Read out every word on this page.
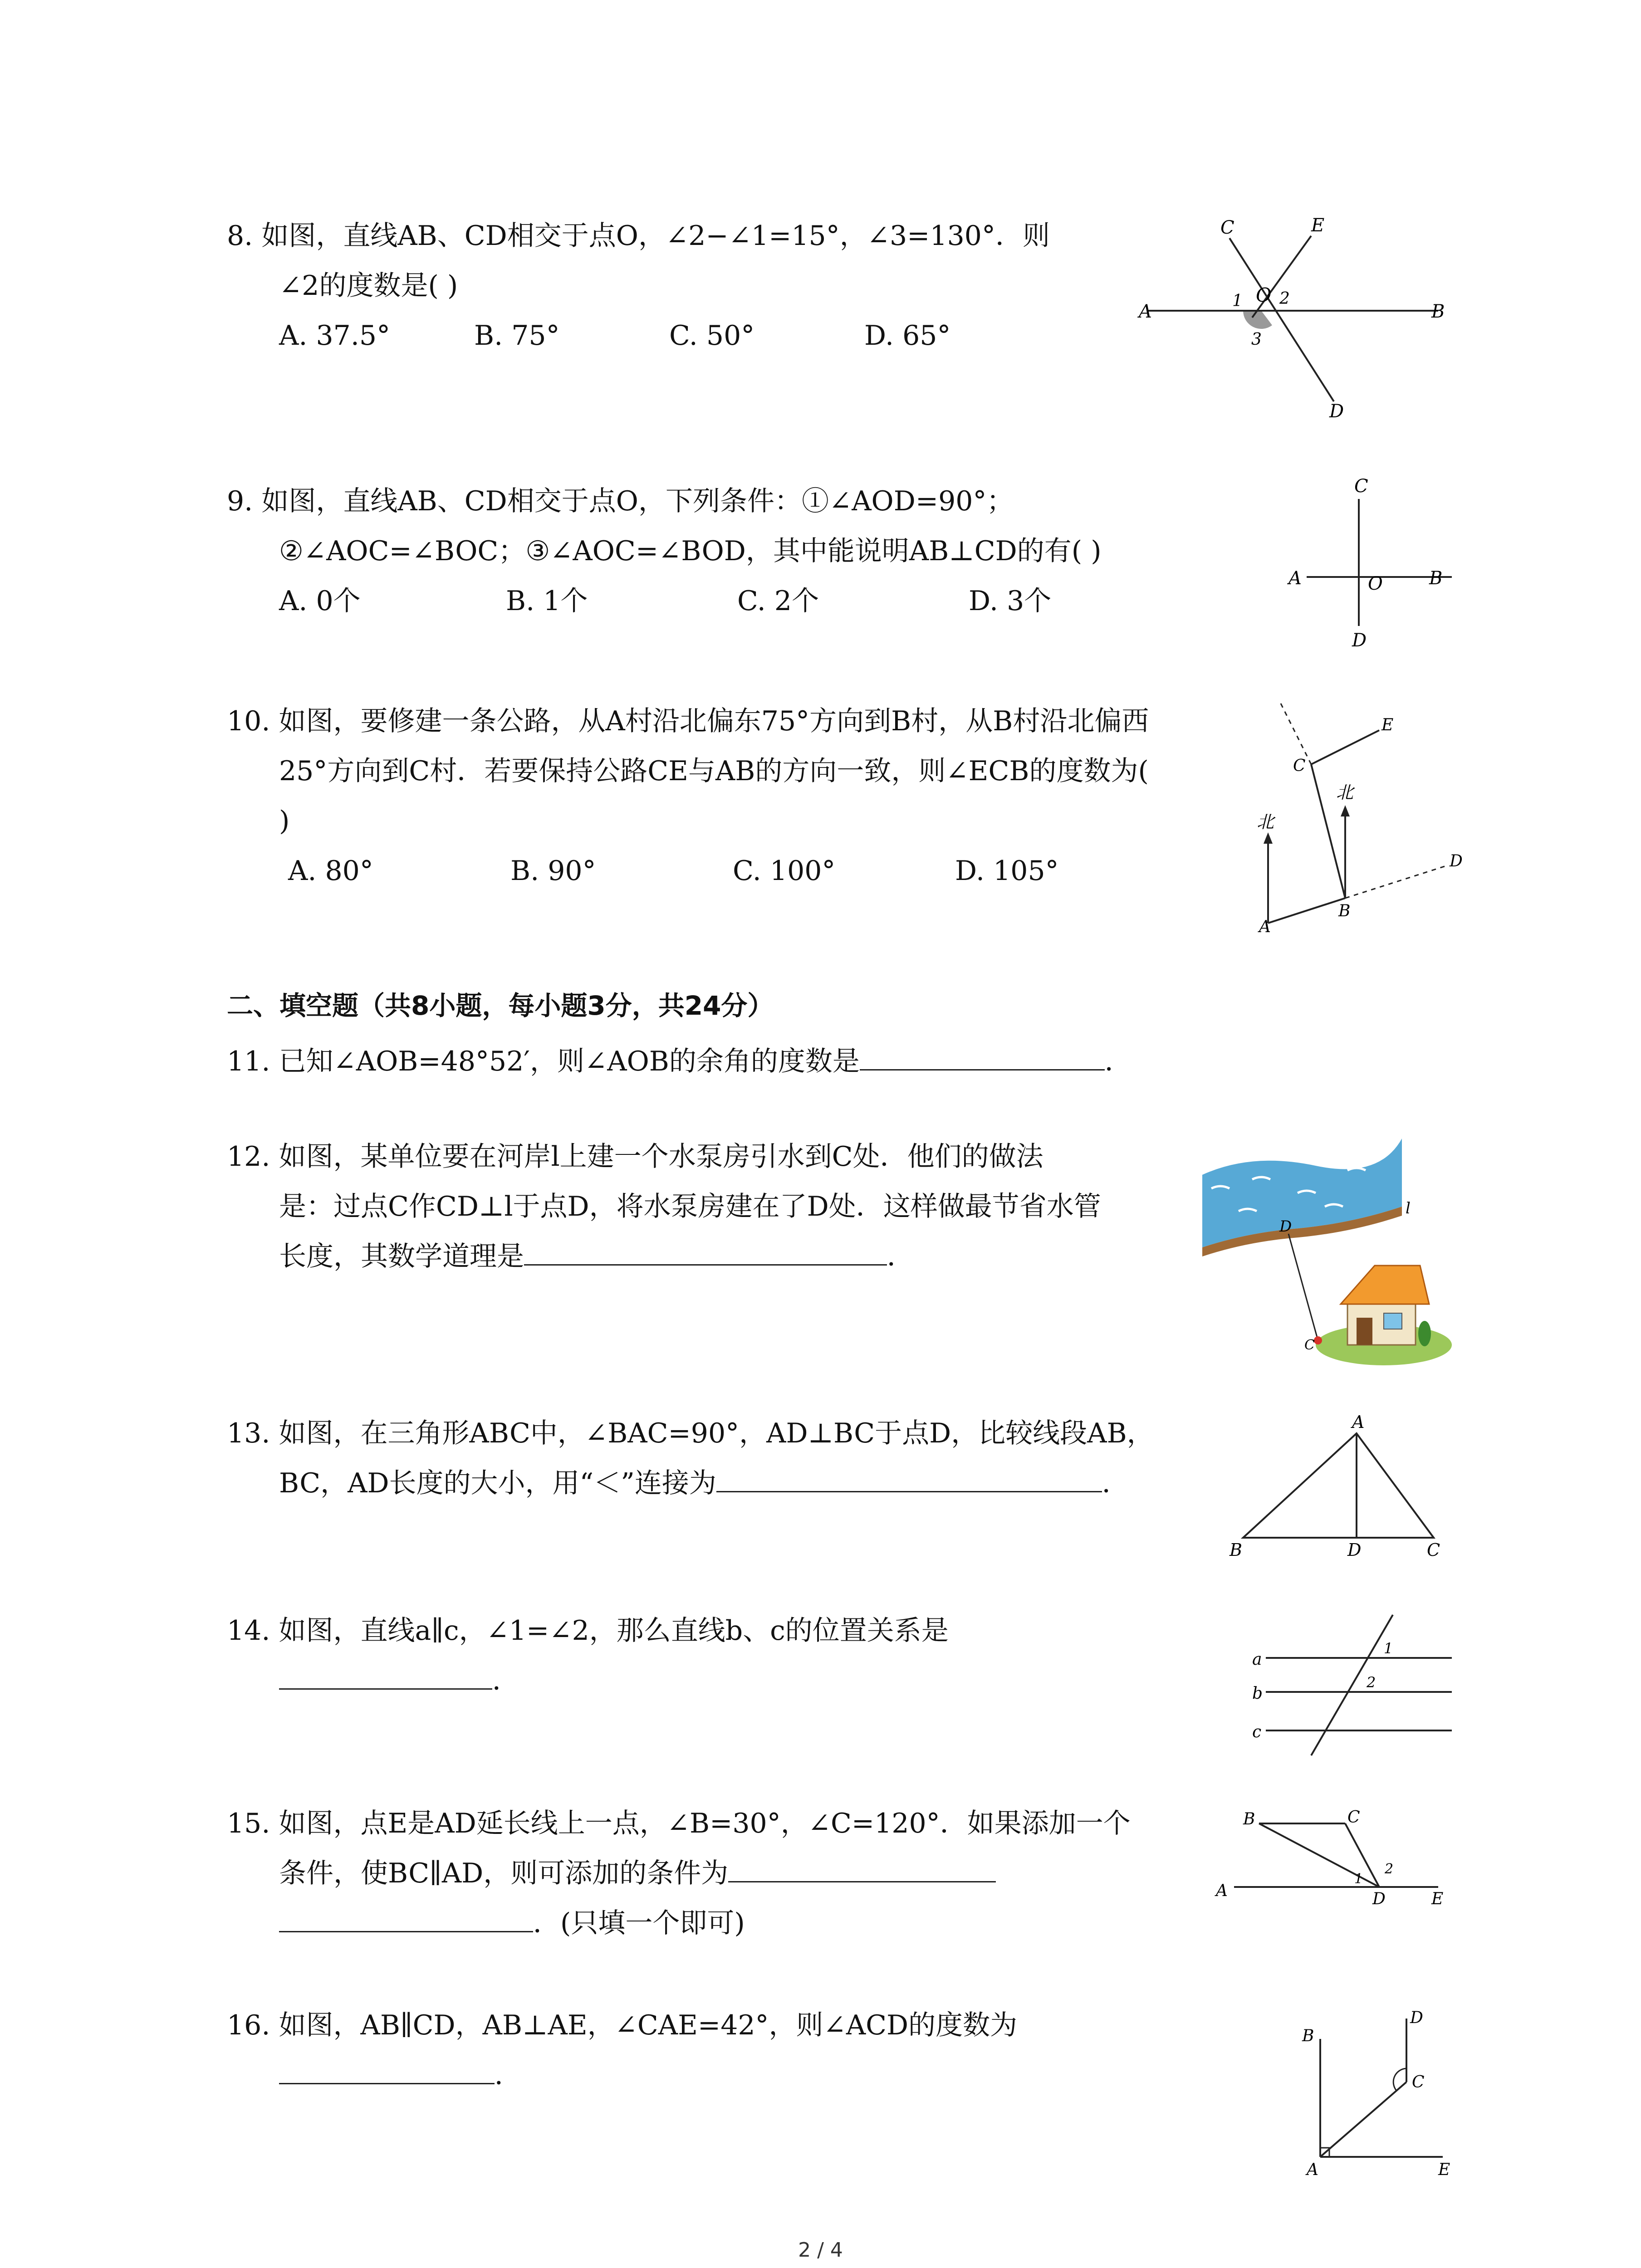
8. 如图，直线AB、CD相交于点O，∠2−∠1=15°，∠3=130°．则
∠2的度数是( )
A. 37.5°	B. 75°	C. 50°	D. 65°
A	B
C
D
E
O
1 2
3
9. 如图，直线AB、CD相交于点O，下列条件：①∠AOD=90°；
②∠AOC=∠BOC；③∠AOC=∠BOD，其中能说明AB⊥CD的有( )
A. 0个	B. 1个	C. 2个	D. 3个
A	B
C
D
O
10. 如图，要修建一条公路，从A村沿北偏东75°方向到B村，从B村沿北偏西
25°方向到C村．若要保持公路CE与AB的方向一致，则∠ECB的度数为(
)
A. 80°	B. 90°	C. 100°	D. 105°
北
北
A
B
C
D
E
二、填空题（共8小题，每小题3分，共24分）
11. 已知∠AOB=48°52′，则∠AOB的余角的度数是	．
12. 如图，某单位要在河岸l上建一个水泵房引水到C处．他们的做法
是：过点C作CD⊥l于点D，将水泵房建在了D处．这样做最节省水管
长度，其数学道理是	．
D
l
C
13. 如图，在三角形ABC中，∠BAC=90°，AD⊥BC于点D，比较线段AB，
BC，AD长度的大小，用“＜”连接为	．
A
B	D	C
14. 如图，直线a∥c，∠1=∠2，那么直线b、c的位置关系是
．
a
b
c
1
2
15. 如图，点E是AD延长线上一点，∠B=30°，∠C=120°．如果添加一个
条件，使BC∥AD，则可添加的条件为
．(只填一个即可)
A
B	C
D	E
1
2
16. 如图，AB∥CD，AB⊥AE，∠CAE=42°，则∠ACD的度数为
．
B
A
C
D
E
2 / 4
